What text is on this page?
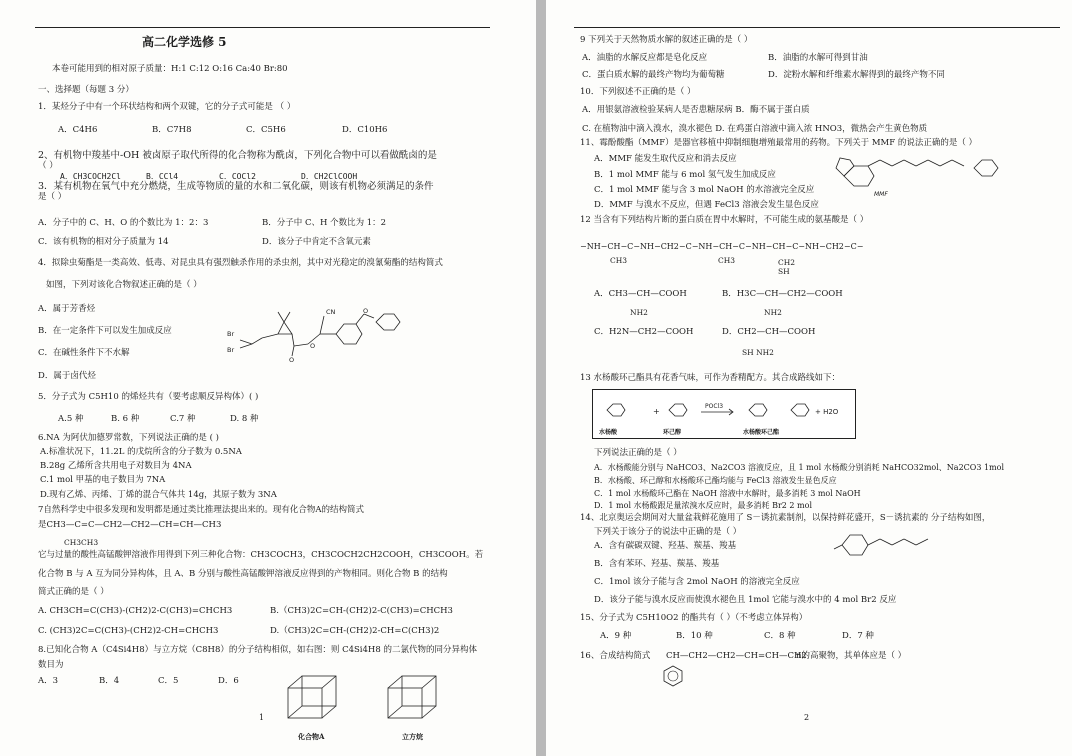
高二化学选修 5
本卷可能用到的相对原子质量：H:1 C:12 O:16 Ca:40 Br:80
一、选择题（每题 3 分）
1．某烃分子中有一个环状结构和两个双键，它的分子式可能是 （ ）
A．C4H6	B．C7H8	C．C5H6	D．C10H6
2、有机物中羧基中-OH 被卤原子取代所得的化合物称为酰卤，下列化合物中可以看做酰卤的是
（ ）
A．CH3COCH2Cl	B．CCl4	C．COCl2	D．CH2ClCOOH
3．某有机物在氧气中充分燃烧，生成等物质的量的水和二氧化碳，则该有机物必须满足的条件
是（ ）
A．分子中的 C、H、O 的个数比为 1：2：3	B．分子中 C、H 个数比为 1：2
C．该有机物的相对分子质量为 14	D．该分子中肯定不含氧元素
4．拟除虫菊酯是一类高效、低毒、对昆虫具有强烈触杀作用的杀虫剂，其中对光稳定的溴氰菊酯的结构简式
如图，下列对该化合物叙述正确的是（ ）
A．属于芳香烃
B．在一定条件下可以发生加成反应
C．在碱性条件下不水解
D．属于卤代烃
Br
Br
CN
O
O
O
5．分子式为 C5H10 的烯烃共有（要考虑顺反异构体）( )
A.5 种	B. 6 种	C.7 种	D. 8 种
6.NA 为阿伏加德罗常数，下列说法正确的是 ( )
A.标准状况下，11.2L 的戊烷所含的分子数为 0.5NA
B.28g 乙烯所含共用电子对数目为 4NA
C.1 mol 甲基的电子数目为 7NA
D.现有乙烯、丙烯、丁烯的混合气体共 14g，其原子数为 3NA
7自然科学史中很多发现和发明都是通过类比推理法提出来的。现有化合物A的结构简式
是CH3—C=C—CH2—CH2—CH=CH—CH3
CH3CH3
它与过量的酸性高锰酸钾溶液作用得到下列三种化合物：CH3COCH3，CH3COCH2CH2COOH，CH3COOH。若
化合物 B 与 A 互为同分异构体，且 A、B 分别与酸性高锰酸钾溶液反应得到的产物相同。则化合物 B 的结构
简式正确的是（ ）
A. CH3CH=C(CH3)-(CH2)2-C(CH3)=CHCH3	B.（CH3)2C=CH-(CH2)2-C(CH3)=CHCH3
C. (CH3)2C=C(CH3)-(CH2)2-CH=CHCH3	D.（CH3)2C=CH-(CH2)2-CH=C(CH3)2
8.已知化合物 A（C4Si4H8）与立方烷（C8H8）的分子结构相似，如右图：则 C4Si4H8 的二氯代物的同分异构体
数目为
A．3	B．4	C．5	D．6
化合物A	立方烷
1
9 下列关于天然物质水解的叙述正确的是（ ）
A．油脂的水解反应都是皂化反应	B．油脂的水解可得到甘油
C．蛋白质水解的最终产物均为葡萄糖	D．淀粉水解和纤维素水解得到的最终产物不同
10．下列叙述不正确的是（ ）
A．用银氨溶液检验某病人是否患糖尿病 B．酶不属于蛋白质
C. 在植物油中滴入溴水，溴水褪色 D. 在鸡蛋白溶液中滴入浓 HNO3，微热会产生黄色物质
11、霉酚酸酯（MMF）是器官移植中抑制细胞增殖最常用的药物。下列关于 MMF 的说法正确的是（ ）
A．MMF 能发生取代反应和消去反应
B．1 mol MMF 能与 6 mol 氢气发生加成反应
C．1 mol MMF 能与含 3 mol NaOH 的水溶液完全反应
D．MMF 与溴水不反应，但遇 FeCl3 溶液会发生显色反应
MMF
12 当含有下列结构片断的蛋白质在胃中水解时，不可能生成的氨基酸是（ ）
−NH−CH−C−NH−CH2−C−NH−CH−C−NH−CH−C−NH−CH2−C−
CH3	CH3	CH2
SH
A．CH3—CH—COOH	B．H3C—CH—CH2—COOH
NH2	NH2
C．H2N—CH2—COOH	D．CH2—CH—COOH
SH NH2
13 水杨酸环己酯具有花香气味，可作为香精配方。其合成路线如下：
+
POCl3
+ H2O
水杨酸	环己醇	水杨酸环己酯
下列说法正确的是（ ）
A．水杨酸能分别与 NaHCO3、Na2CO3 溶液反应，且 1 mol 水杨酸分别消耗 NaHCO32mol、Na2CO3 1mol
B．水杨酸、环己醇和水杨酸环己酯均能与 FeCl3 溶液发生显色反应
C．1 mol 水杨酸环己酯在 NaOH 溶液中水解时，最多消耗 3 mol NaOH
D．1 mol 水杨酸跟足量浓溴水反应时，最多消耗 Br2 2 mol
14、北京奥运会期间对大量盆栽鲜花施用了 S－诱抗素制剂，以保持鲜花盛开，S－诱抗素的 分子结构如图，
下列关于该分子的说法中正确的是（ ）
A．含有碳碳双键、羟基、羰基、羧基
B．含有苯环、羟基、羰基、羧基
C．1mol 该分子能与含 2mol NaOH 的溶液完全反应
D．该分子能与溴水反应而使溴水褪色且 1mol 它能与溴水中的 4 mol Br2 反应
15、分子式为 C5H10O2 的酯共有（ ）（不考虑立体异构）
A．9 种	B．10 种	C．8 种	D．7 种
16、合成结构简式 CH—CH2—CH2—CH=CH—CH2
n的高聚物，其单体应是（ ）
2
